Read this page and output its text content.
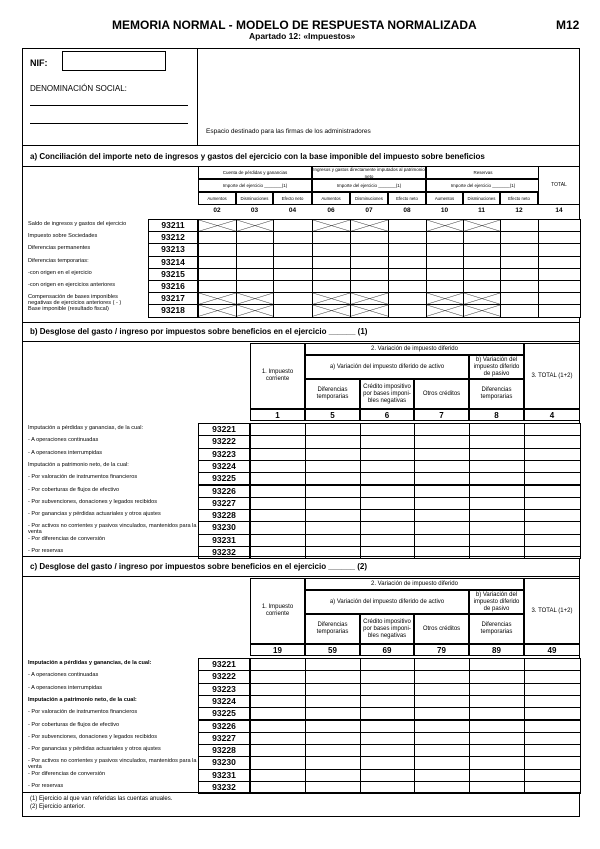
MEMORIA NORMAL - MODELO DE RESPUESTA NORMALIZADA
Apartado 12: «Impuestos»
M12
NIF:
DENOMINACIÓN SOCIAL:
Espacio destinado para las firmas de los administradores
a) Conciliación del importe neto de ingresos y gastos del ejercicio con la base imponible del impuesto sobre beneficios
Cuenta de pérdidas y ganancias
Importe del ejercicio _______(1)
Aumentos	Disminuciones	Efecto neto
Ingresos y gastos directamente imputados al patrimonio neto
Importe del ejercicio _______(1)
Aumentos	Disminuciones	Efecto neto
Reservas
Importe del ejercicio _______(1)
Aumentos	Disminuciones	Efecto neto
TOTAL
02	03	04	06	07	08	10	11	12	14
Saldo de ingresos y gastos del ejercicio	93211
Impuesto sobre Sociedades	93212
Diferencias permanentes	93213
Diferencias temporarias:	93214
-con origen en el ejercicio	93215
-con origen en ejercicios anteriores	93216
Compensación de bases imponibles negativas de ejercicios anteriores ( - )	93217
Base imponible (resultado fiscal)	93218
b) Desglose del gasto / ingreso por impuestos sobre beneficios en el ejercicio ______ (1)
2. Variación de impuesto diferido
a) Variación del impuesto diferido de activo
b) Variación del impuesto diferido de pasivo
1. Impuesto corriente
3. TOTAL (1+2)
Diferencias temporarias
Crédito impositivo por bases imponi-bles negativas
Otros créditos
Diferencias temporarias
1	5	6	7	8	4
Imputación a pérdidas y ganancias, de la cual:	93221
- A operaciones continuadas	93222
- A operaciones interrumpidas	93223
Imputación a patrimonio neto, de la cual:	93224
- Por valoración de instrumentos financieros	93225
- Por coberturas de flujos de efectivo	93226
- Por subvenciones, donaciones y legados recibidos	93227
- Por ganancias y pérdidas actuariales y otros ajustes	93228
- Por activos no corrientes y pasivos vinculados, mantenidos para la venta	93230
- Por diferencias de conversión	93231
- Por reservas	93232
c) Desglose del gasto / ingreso por impuestos sobre beneficios en el ejercicio ______ (2)
2. Variación de impuesto diferido
a) Variación del impuesto diferido de activo
b) Variación del impuesto diferido de pasivo
1. Impuesto corriente
3. TOTAL (1+2)
Diferencias temporarias
Crédito impositivo por bases imponi-bles negativas
Otros créditos
Diferencias temporarias
19	59	69	79	89	49
Imputación a pérdidas y ganancias, de la cual:	93221
- A operaciones continuadas	93222
- A operaciones interrumpidas	93223
Imputación a patrimonio neto, de la cual:	93224
- Por valoración de instrumentos financieros	93225
- Por coberturas de flujos de efectivo	93226
- Por subvenciones, donaciones y legados recibidos	93227
- Por ganancias y pérdidas actuariales y otros ajustes	93228
- Por activos no corrientes y pasivos vinculados, mantenidos para la venta	93230
- Por diferencias de conversión	93231
- Por reservas	93232
(1) Ejercicio al que van referidas las cuentas anuales.
(2) Ejercicio anterior.
